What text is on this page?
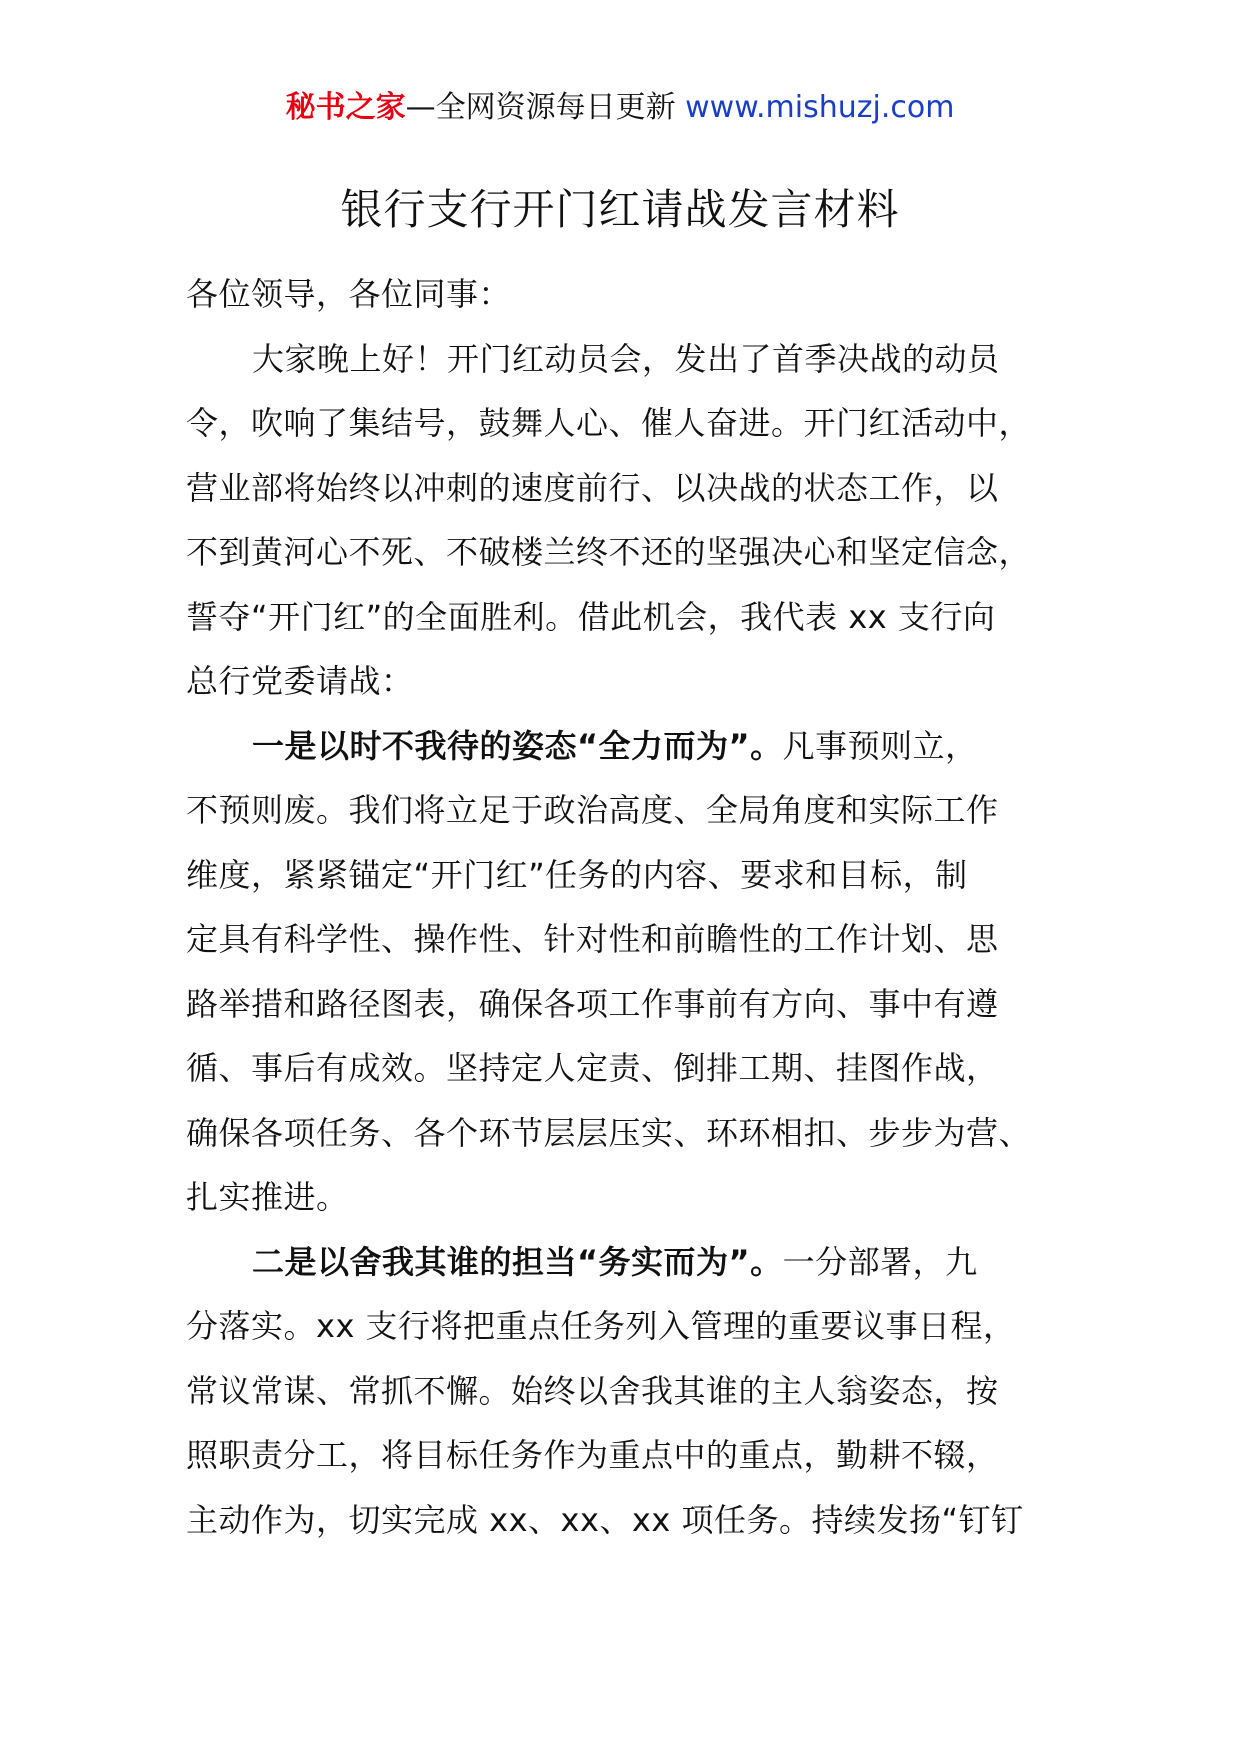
秘书之家—全网资源每日更新 www.mishuzj.com
银行支行开门红请战发言材料
各位领导，各位同事：
大家晚上好！开门红动员会，发出了首季决战的动员
令，吹响了集结号，鼓舞人心、催人奋进。开门红活动中，
营业部将始终以冲刺的速度前行、以决战的状态工作，以
不到黄河心不死、不破楼兰终不还的坚强决心和坚定信念，
誓夺“开门红”的全面胜利。借此机会，我代表 xx 支行向
总行党委请战：
一是以时不我待的姿态“全力而为”。凡事预则立，
不预则废。我们将立足于政治高度、全局角度和实际工作
维度，紧紧锚定“开门红”任务的内容、要求和目标，制
定具有科学性、操作性、针对性和前瞻性的工作计划、思
路举措和路径图表，确保各项工作事前有方向、事中有遵
循、事后有成效。坚持定人定责、倒排工期、挂图作战，
确保各项任务、各个环节层层压实、环环相扣、步步为营、
扎实推进。
二是以舍我其谁的担当“务实而为”。一分部署，九
分落实。xx 支行将把重点任务列入管理的重要议事日程，
常议常谋、常抓不懈。始终以舍我其谁的主人翁姿态，按
照职责分工，将目标任务作为重点中的重点，勤耕不辍，
主动作为，切实完成 xx、xx、xx 项任务。持续发扬“钉钉
